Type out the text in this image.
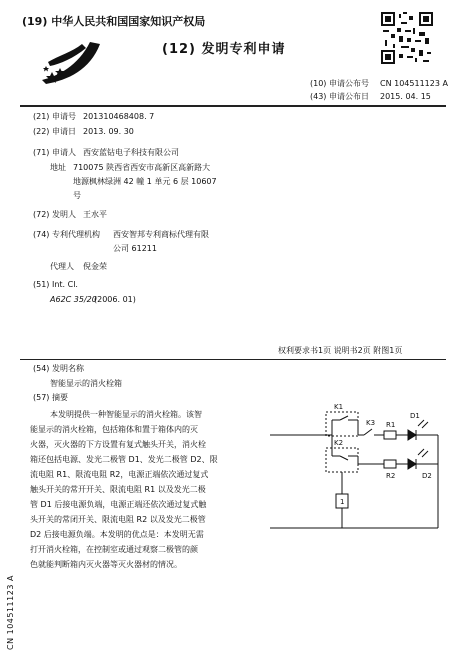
(19) 中华人民共和国国家知识产权局
(12) 发明专利申请
(10) 申请公布号 CN 104511123 A
(43) 申请公布日 2015. 04. 15
(21) 申请号 201310468408. 7
(22) 申请日 2013. 09. 30
(71) 申请人 西安蓝钻电子科技有限公司
地址 710075 陕西省西安市高新区高新路大
地源枫林绿洲 42 幢 1 单元 6 层 10607
号
(72) 发明人 王水平
(74) 专利代理机构 西安智邦专利商标代理有限
公司 61211
代理人 倪金荣
(51) Int. Cl.
A62C 35/20
(2006. 01)
权利要求书1页 说明书2页 附图1页
(54) 发明名称
智能显示的消火栓箱
(57) 摘要
本发明提供一种智能显示的消火栓箱。该智
能显示的消火栓箱，包括箱体和置于箱体内的灭
火器，灭火器的下方设置有复式触头开关，消火栓
箱还包括电源、发光二极管 D1、发光二极管 D2、限
流电阻 R1、限流电阻 R2，电源正端依次通过复式
触头开关的常开开关、限流电阻 R1 以及发光二极
管 D1 后接电源负端，电源正端还依次通过复式触
头开关的常闭开关、限流电阻 R2 以及发光二极管
D2 后接电源负端。本发明的优点是：本发明无需
打开消火栓箱，在控制室或通过观察二极管的颜
色就能判断箱内灭火器等灭火器材的情况。
K1
K2
K3 R1
R2
D1
D2
1
CN 104511123 A
